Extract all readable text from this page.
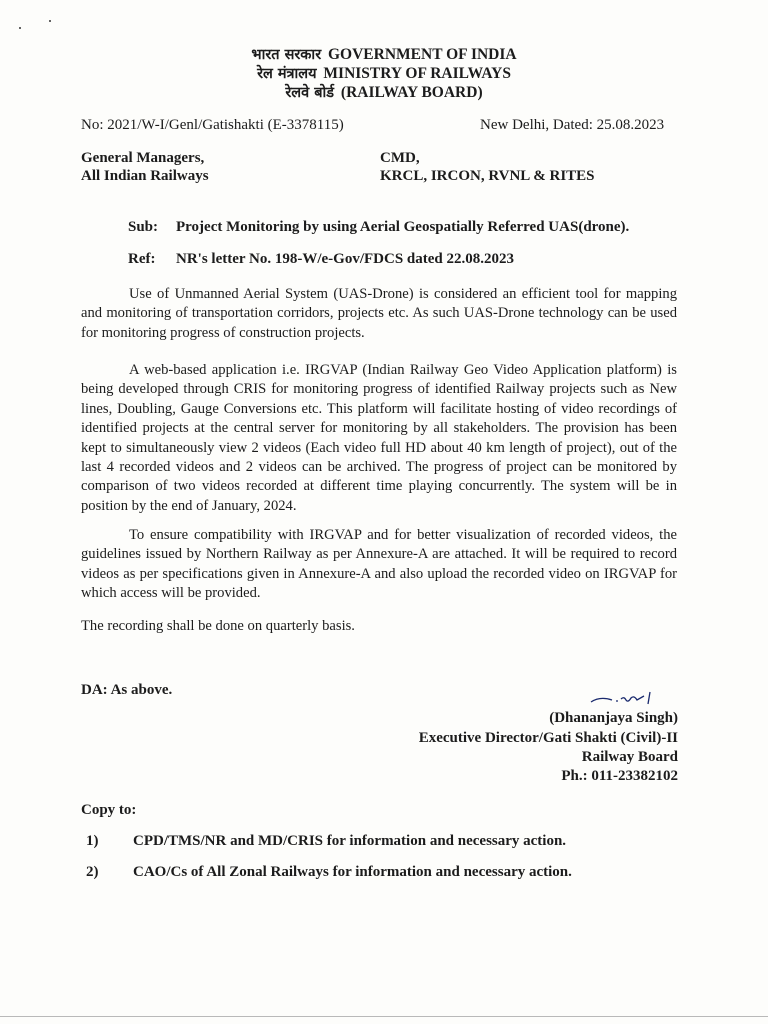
भारत सरकार GOVERNMENT OF INDIA
रेल मंत्रालय MINISTRY OF RAILWAYS
रेलवे बोर्ड (RAILWAY BOARD)
No: 2021/W-I/Genl/Gatishakti (E-3378115)	New Delhi, Dated: 25.08.2023
General Managers,
All Indian Railways
CMD,
KRCL, IRCON, RVNL & RITES
Sub: Project Monitoring by using Aerial Geospatially Referred UAS(drone).
Ref: NR's letter No. 198-W/e-Gov/FDCS dated 22.08.2023
Use of Unmanned Aerial System (UAS-Drone) is considered an efficient tool for mapping and monitoring of transportation corridors, projects etc. As such UAS-Drone technology can be used for monitoring progress of construction projects.
A web-based application i.e. IRGVAP (Indian Railway Geo Video Application platform) is being developed through CRIS for monitoring progress of identified Railway projects such as New lines, Doubling, Gauge Conversions etc. This platform will facilitate hosting of video recordings of identified projects at the central server for monitoring by all stakeholders. The provision has been kept to simultaneously view 2 videos (Each video full HD about 40 km length of project), out of the last 4 recorded videos and 2 videos can be archived. The progress of project can be monitored by comparison of two videos recorded at different time playing concurrently. The system will be in position by the end of January, 2024.
To ensure compatibility with IRGVAP and for better visualization of recorded videos, the guidelines issued by Northern Railway as per Annexure-A are attached. It will be required to record videos as per specifications given in Annexure-A and also upload the recorded video on IRGVAP for which access will be provided.
The recording shall be done on quarterly basis.
DA: As above.
(Dhananjaya Singh)
Executive Director/Gati Shakti (Civil)-II
Railway Board
Ph.: 011-23382102
Copy to:
1) CPD/TMS/NR and MD/CRIS for information and necessary action.
2) CAO/Cs of All Zonal Railways for information and necessary action.
